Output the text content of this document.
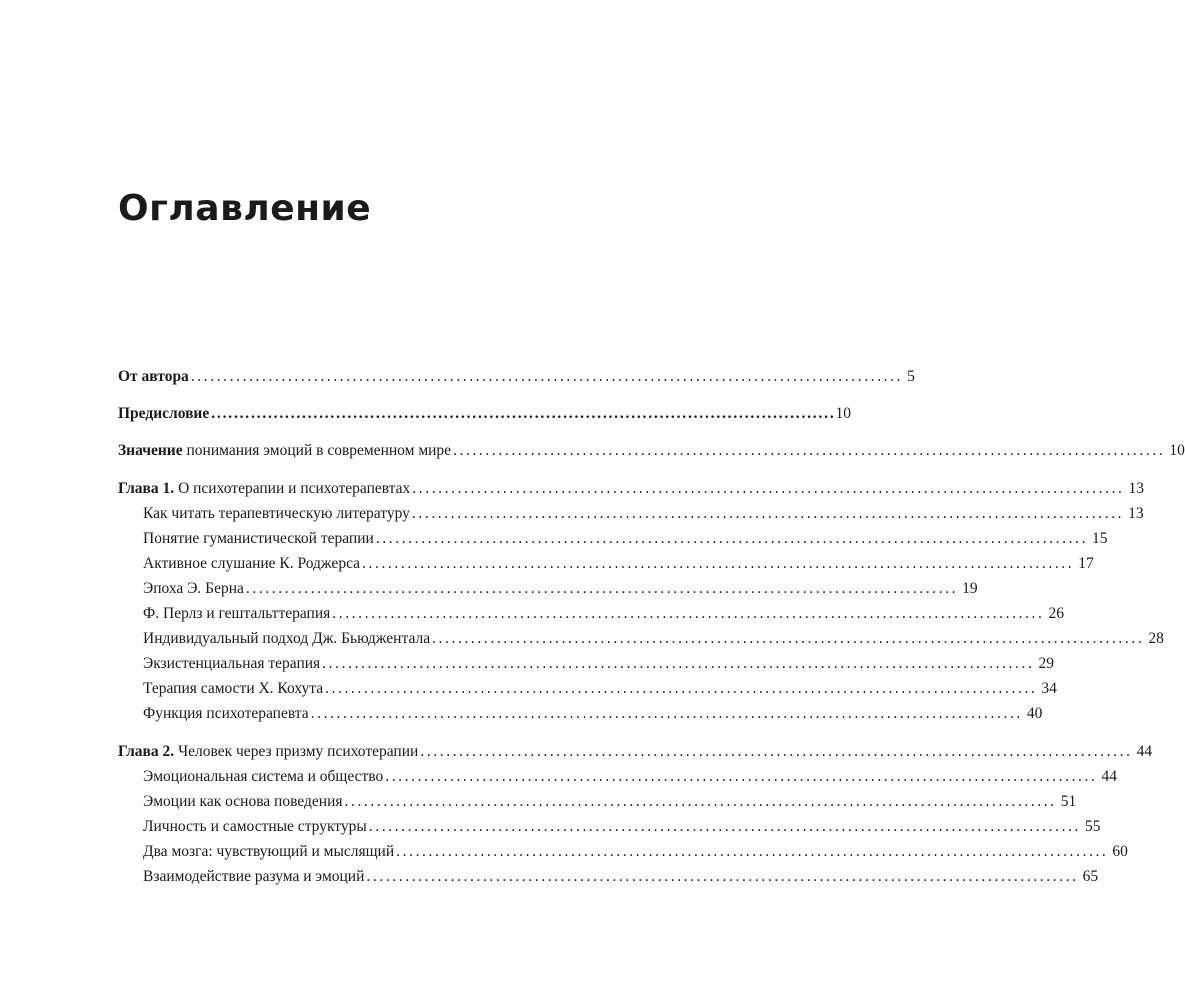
Оглавление
От автора .............................................................................................................. 5
Предисловие .............................................................................................................. 10
Значение понимания эмоций в современном мире .............................................................................................................. 10
Глава 1. О психотерапии и психотерапевтах .............................................................................................................. 13
Как читать терапевтическую литературу .............................................................................................................. 13
Понятие гуманистической терапии .............................................................................................................. 15
Активное слушание К. Роджерса .............................................................................................................. 17
Эпоха Э. Берна .............................................................................................................. 19
Ф. Перлз и гештальттерапия .............................................................................................................. 26
Индивидуальный подход Дж. Бьюджентала .............................................................................................................. 28
Экзистенциальная терапия .............................................................................................................. 29
Терапия самости Х. Кохута .............................................................................................................. 34
Функция психотерапевта .............................................................................................................. 40
Глава 2. Человек через призму психотерапии .............................................................................................................. 44
Эмоциональная система и общество .............................................................................................................. 44
Эмоции как основа поведения .............................................................................................................. 51
Личность и самостные структуры .............................................................................................................. 55
Два мозга: чувствующий и мыслящий .............................................................................................................. 60
Взаимодействие разума и эмоций .............................................................................................................. 65
